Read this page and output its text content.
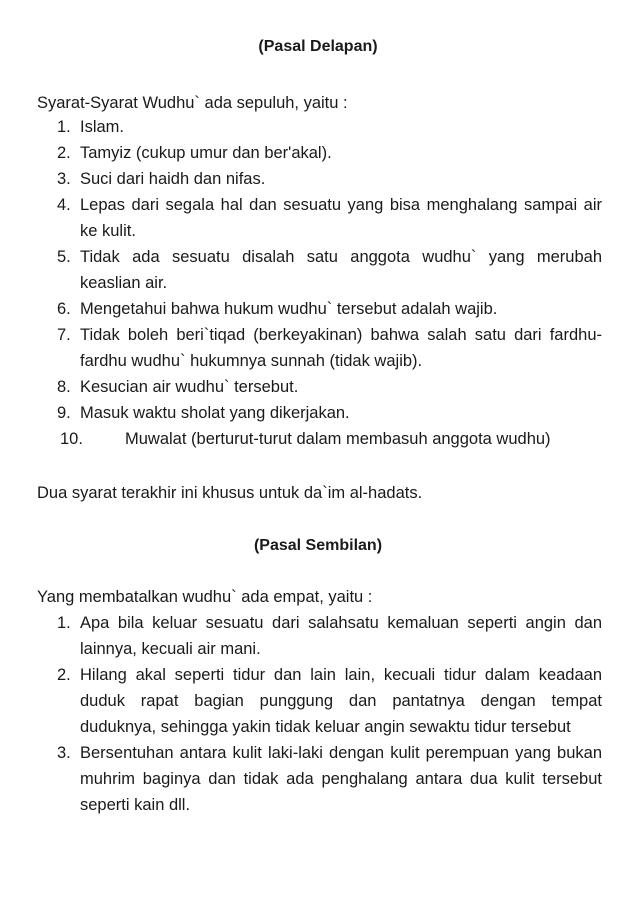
(Pasal Delapan)
Syarat-Syarat Wudhu` ada sepuluh, yaitu :
1. Islam.
2. Tamyiz (cukup umur dan ber'akal).
3. Suci dari haidh dan nifas.
4. Lepas dari segala hal dan sesuatu yang bisa menghalang sampai air ke kulit.
5. Tidak ada sesuatu disalah satu anggota wudhu` yang merubah keaslian air.
6. Mengetahui bahwa hukum wudhu` tersebut adalah wajib.
7. Tidak boleh beri`tiqad (berkeyakinan) bahwa salah satu dari fardhu-fardhu wudhu` hukumnya sunnah (tidak wajib).
8. Kesucian air wudhu` tersebut.
9. Masuk waktu sholat yang dikerjakan.
10.	Muwalat (berturut-turut dalam membasuh anggota wudhu)
Dua syarat terakhir ini khusus untuk da`im al-hadats.
(Pasal Sembilan)
Yang membatalkan wudhu` ada empat, yaitu :
1. Apa bila keluar sesuatu dari salahsatu kemaluan seperti angin dan lainnya, kecuali air mani.
2. Hilang akal seperti tidur dan lain lain, kecuali tidur dalam keadaan duduk rapat bagian punggung dan pantatnya dengan tempat duduknya, sehingga yakin tidak keluar angin sewaktu tidur tersebut
3. Bersentuhan antara kulit laki-laki dengan kulit perempuan yang bukan muhrim baginya dan tidak ada penghalang antara dua kulit tersebut seperti kain dll.
